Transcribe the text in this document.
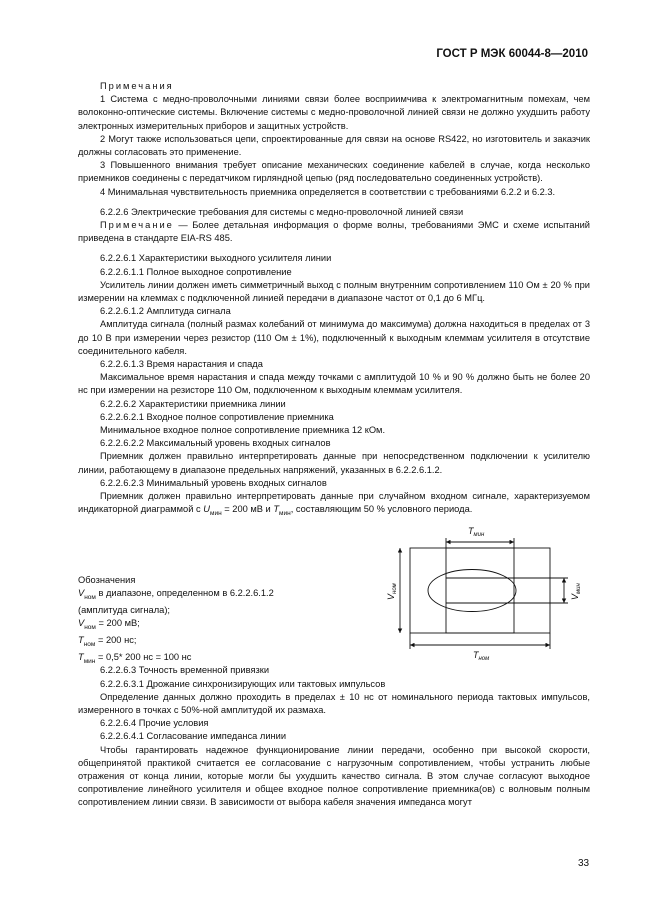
ГОСТ Р МЭК 60044-8—2010

Примечания

1 Система с медно-проволочными линиями связи более восприимчива к электромагнитным помехам, чем волоконно-оптические системы. Включение системы с медно-проволочной линией связи не должно ухудшить работу электронных измерительных приборов и защитных устройств.

2 Могут также использоваться цепи, спроектированные для связи на основе RS422, но изготовитель и заказчик должны согласовать это применение.

3 Повышенного внимания требует описание механических соединение кабелей в случае, когда несколько приемников соединены с передатчиком гирляндной цепью (ряд последовательно соединенных устройств).

4 Минимальная чувствительность приемника определяется в соответствии с требованиями 6.2.2 и 6.2.3.

6.2.2.6 Электрические требования для системы с медно-проволочной линией связи

Примечание — Более детальная информация о форме волны, требованиями ЭМС и схеме испытаний приведена в стандарте EIA-RS 485.

6.2.2.6.1 Характеристики выходного усилителя линии

6.2.2.6.1.1 Полное выходное сопротивление

Усилитель линии должен иметь симметричный выход с полным внутренним сопротивлением 110 Ом ± 20 % при измерении на клеммах с подключенной линией передачи в диапазоне частот от 0,1 до 6 МГц.

6.2.2.6.1.2 Амплитуда сигнала

Амплитуда сигнала (полный размах колебаний от минимума до максимума) должна находиться в пределах от 3 до 10 В при измерении через резистор (110 Ом ± 1%), подключенный к выходным клеммам усилителя в отсутствие соединительного кабеля.

6.2.2.6.1.3 Время нарастания и спада

Максимальное время нарастания и спада между точками с амплитудой 10 % и 90 % должно быть не более 20 нс при измерении на резисторе 110 Ом, подключенном к выходным клеммам усилителя.

6.2.2.6.2 Характеристики приемника линии

6.2.2.6.2.1 Входное полное сопротивление приемника

Минимальное входное полное сопротивление приемника 12 кОм.

6.2.2.6.2.2 Максимальный уровень входных сигналов

Приемник должен правильно интерпретировать данные при непосредственном подключении к усилителю линии, работающему в диапазоне предельных напряжений, указанных в 6.2.2.6.1.2.

6.2.2.6.2.3 Минимальный уровень входных сигналов

Приемник должен правильно интерпретировать данные при случайном входном сигнале, характеризуемом индикаторной диаграммой с $U_{мин} = 200$ мВ и $T_{мин}$, составляющим 50 % условного периода.

Обозначения

$V_{ном}$ в диапазоне, определенном в 6.2.2.6.1.2 (амплитуда сигнала);

$V_{ном} = 200$ мВ;

$T_{ном} = 200$ нс;

$T_{мин} = 0,5*$ 200 нс = 100 нс

$T_{мин}$
$V_{ном}$
$V_{мин}$
$T_{ном}$

6.2.2.6.3 Точность временной привязки

6.2.2.6.3.1 Дрожание синхронизирующих или тактовых импульсов

Определение данных должно проходить в пределах ± 10 нс от номинального периода тактовых импульсов, измеренного в точках с 50%-ной амплитудой их размаха.

6.2.2.6.4 Прочие условия

6.2.2.6.4.1 Согласование импеданса линии

Чтобы гарантировать надежное функционирование линии передачи, особенно при высокой скорости, общепринятой практикой считается ее согласование с нагрузочным сопротивлением, чтобы устранить любые отражения от конца линии, которые могли бы ухудшить качество сигнала. В этом случае согласуют выходное сопротивление линейного усилителя и общее входное полное сопротивление приемника(ов) с волновым полным сопротивлением линии связи. В зависимости от выбора кабеля значения импеданса могут

33
